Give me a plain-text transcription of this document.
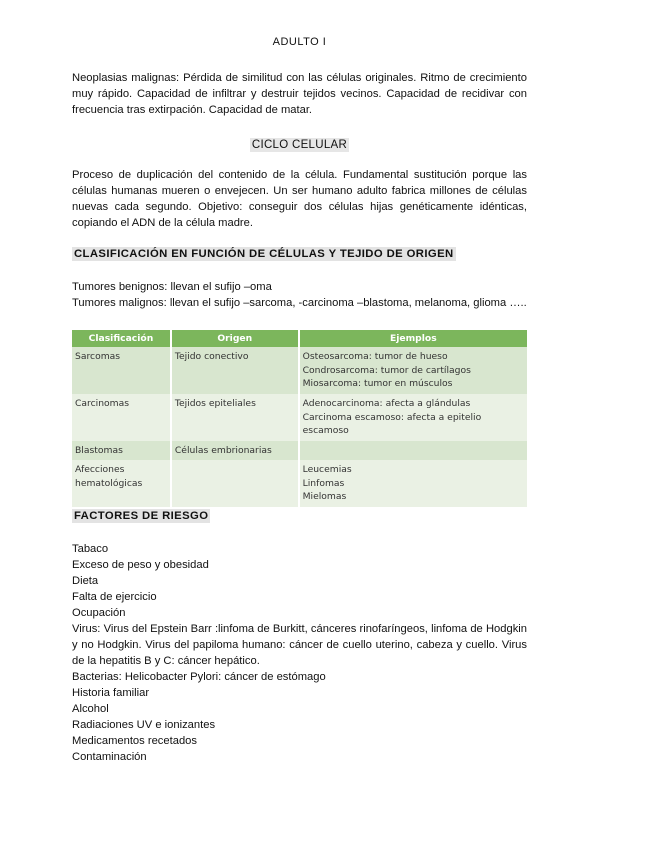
ADULTO I

Neoplasias malignas: Pérdida de similitud con las células originales. Ritmo de crecimiento muy rápido. Capacidad de infiltrar y destruir tejidos vecinos. Capacidad de recidivar con frecuencia tras extirpación. Capacidad de matar.

CICLO CELULAR

Proceso de duplicación del contenido de la célula. Fundamental sustitución porque las células humanas mueren o envejecen. Un ser humano adulto fabrica millones de células nuevas cada segundo. Objetivo: conseguir dos células hijas genéticamente idénticas, copiando el ADN de la célula madre.

CLASIFICACIÓN EN FUNCIÓN DE CÉLULAS Y TEJIDO DE ORIGEN

Tumores benignos: llevan el sufijo –oma

Tumores malignos: llevan el sufijo –sarcoma, -carcinoma –blastoma, melanoma, glioma …..

Clasificación	Origen	Ejemplos

Sarcomas	Tejido conectivo	Osteosarcoma: tumor de hueso
Condrosarcoma: tumor de cartílagos
Miosarcoma: tumor en músculos

Carcinomas	Tejidos epiteliales	Adenocarcinoma: afecta a glándulas
Carcinoma escamoso: afecta a epitelio escamoso

Blastomas	Células embrionarias	

Afecciones
hematológicas		Leucemias
Linfomas
Mielomas
FACTORES DE RIESGO
Tabaco
Exceso de peso y obesidad
Dieta
Falta de ejercicio
Ocupación
Virus: Virus del Epstein Barr :linfoma de Burkitt, cánceres rinofaríngeos, linfoma de Hodgkin y no Hodgkin. Virus del papiloma humano: cáncer de cuello uterino, cabeza y cuello. Virus de la hepatitis B y C: cáncer hepático.
Bacterias: Helicobacter Pylori: cáncer de estómago
Historia familiar
Alcohol
Radiaciones UV e ionizantes
Medicamentos recetados
Contaminación
